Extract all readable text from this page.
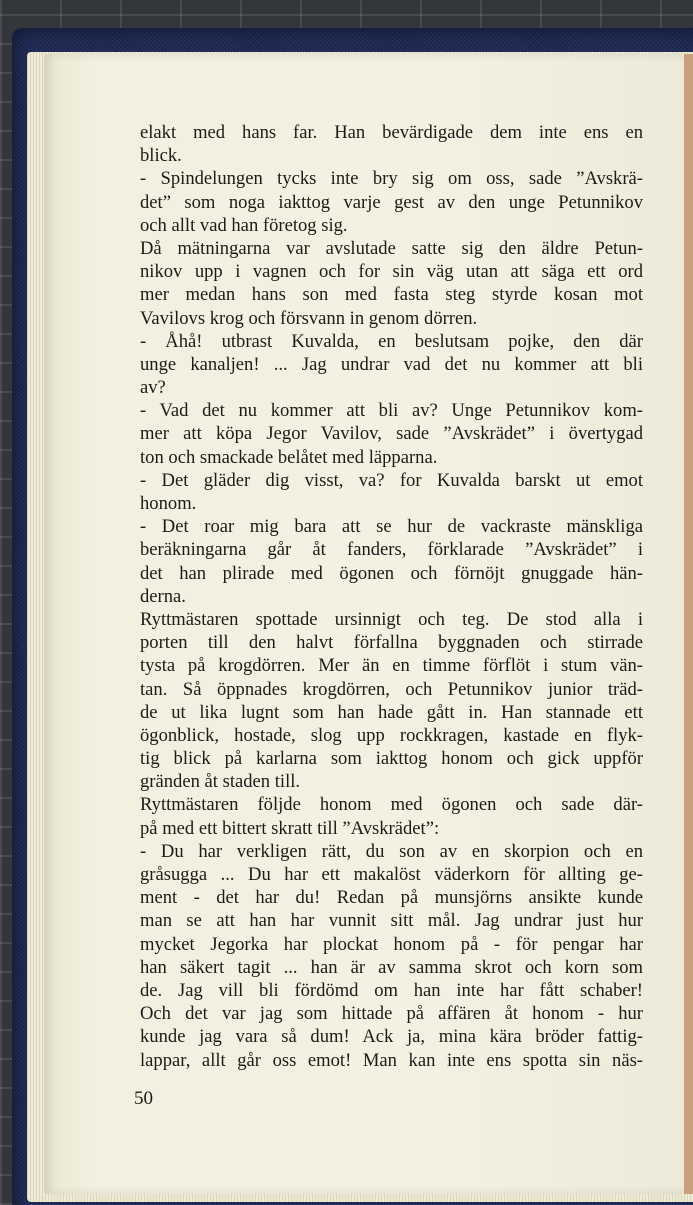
elakt med hans far. Han bevärdigade dem inte ens en
blick.
- Spindelungen tycks inte bry sig om oss, sade ”Avskrä-
det” som noga iakttog varje gest av den unge Petunnikov
och allt vad han företog sig.
Då mätningarna var avslutade satte sig den äldre Petun-
nikov upp i vagnen och for sin väg utan att säga ett ord
mer medan hans son med fasta steg styrde kosan mot
Vavilovs krog och försvann in genom dörren.
- Åhå! utbrast Kuvalda, en beslutsam pojke, den där
unge kanaljen! ... Jag undrar vad det nu kommer att bli
av?
- Vad det nu kommer att bli av? Unge Petunnikov kom-
mer att köpa Jegor Vavilov, sade ”Avskrädet” i övertygad
ton och smackade belåtet med läpparna.
- Det gläder dig visst, va? for Kuvalda barskt ut emot
honom.
- Det roar mig bara att se hur de vackraste mänskliga
beräkningarna går åt fanders, förklarade ”Avskrädet” i
det han plirade med ögonen och förnöjt gnuggade hän-
derna.
Ryttmästaren spottade ursinnigt och teg. De stod alla i
porten till den halvt förfallna byggnaden och stirrade
tysta på krogdörren. Mer än en timme förflöt i stum vän-
tan. Så öppnades krogdörren, och Petunnikov junior träd-
de ut lika lugnt som han hade gått in. Han stannade ett
ögonblick, hostade, slog upp rockkragen, kastade en flyk-
tig blick på karlarna som iakttog honom och gick uppför
gränden åt staden till.
Ryttmästaren följde honom med ögonen och sade där-
på med ett bittert skratt till ”Avskrädet”:
- Du har verkligen rätt, du son av en skorpion och en
gråsugga ... Du har ett makalöst väderkorn för allting ge-
ment - det har du! Redan på munsjörns ansikte kunde
man se att han har vunnit sitt mål. Jag undrar just hur
mycket Jegorka har plockat honom på - för pengar har
han säkert tagit ... han är av samma skrot och korn som
de. Jag vill bli fördömd om han inte har fått schaber!
Och det var jag som hittade på affären åt honom - hur
kunde jag vara så dum! Ack ja, mina kära bröder fattig-
lappar, allt går oss emot! Man kan inte ens spotta sin näs-
50
